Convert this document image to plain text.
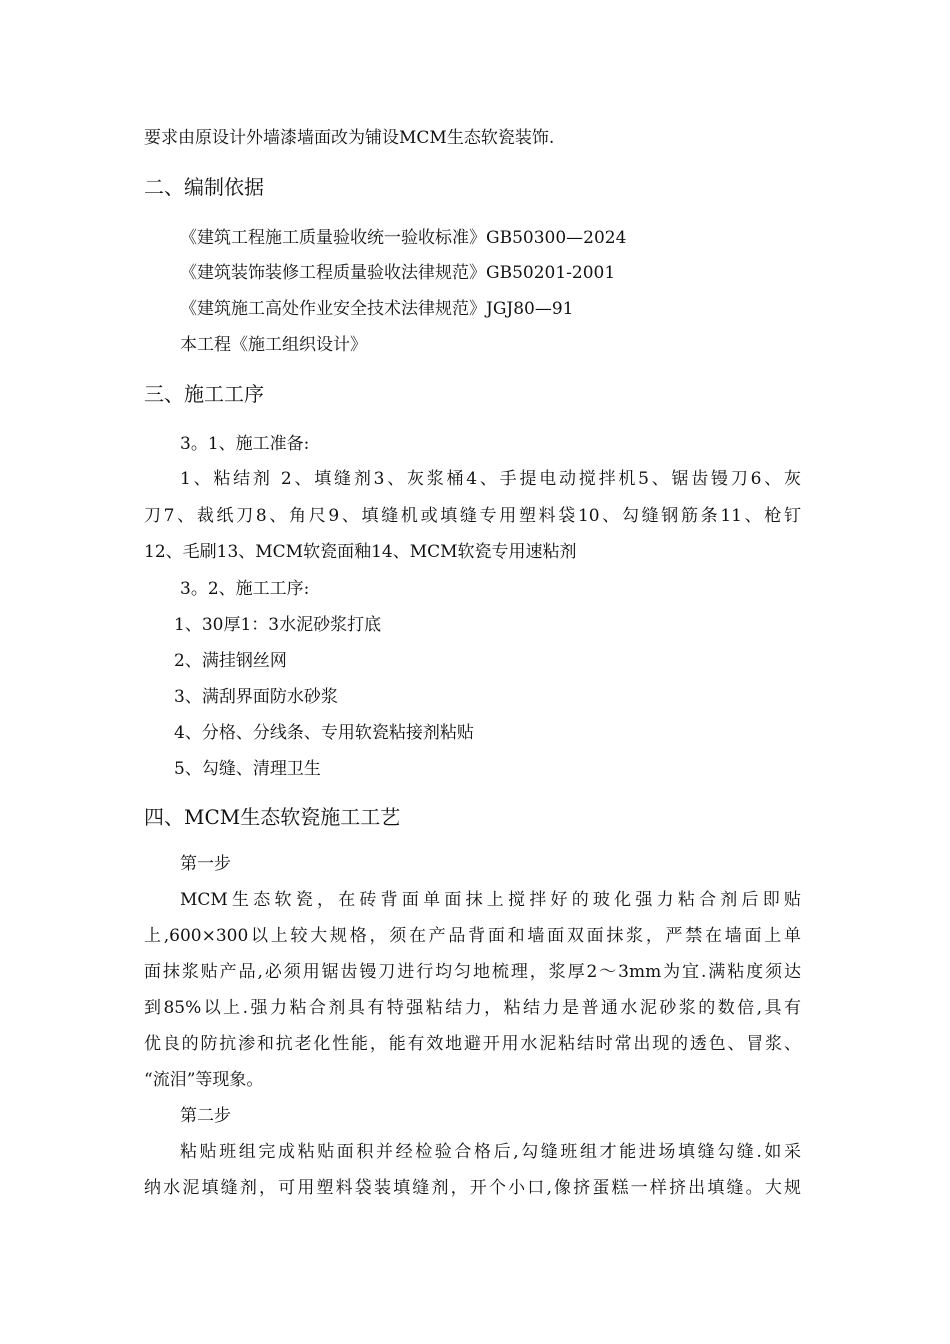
要求由原设计外墙漆墙面改为铺设MCM生态软瓷装饰.
二、编制依据
《建筑工程施工质量验收统一验收标准》GB50300—2024
《建筑装饰装修工程质量验收法律规范》GB50201-2001
《建筑施工高处作业安全技术法律规范》JGJ80—91
本工程《施工组织设计》
三、施工工序
3。1、施工准备:
1、粘结剂 2、填缝剂3、灰浆桶4、手提电动搅拌机5、锯齿镘刀6、灰
刀7、裁纸刀8、角尺9、填缝机或填缝专用塑料袋10、勾缝钢筋条11、枪钉
12、毛刷13、MCM软瓷面釉14、MCM软瓷专用速粘剂
3。2、施工工序:
1、30厚1：3水泥砂浆打底
2、满挂钢丝网
3、满刮界面防水砂浆
4、分格、分线条、专用软瓷粘接剂粘贴
5、勾缝、清理卫生
四、MCM生态软瓷施工工艺
第一步
MCM生态软瓷，在砖背面单面抹上搅拌好的玻化强力粘合剂后即贴
上,600×300以上较大规格，须在产品背面和墙面双面抹浆，严禁在墙面上单
面抹浆贴产品,必须用锯齿镘刀进行均匀地梳理，浆厚2～3mm为宜.满粘度须达
到85%以上.强力粘合剂具有特强粘结力，粘结力是普通水泥砂浆的数倍,具有
优良的防抗渗和抗老化性能，能有效地避开用水泥粘结时常出现的透色、冒浆、
“流泪”等现象。
第二步
粘贴班组完成粘贴面积并经检验合格后,勾缝班组才能进场填缝勾缝.如采
纳水泥填缝剂，可用塑料袋装填缝剂，开个小口,像挤蛋糕一样挤出填缝。大规
